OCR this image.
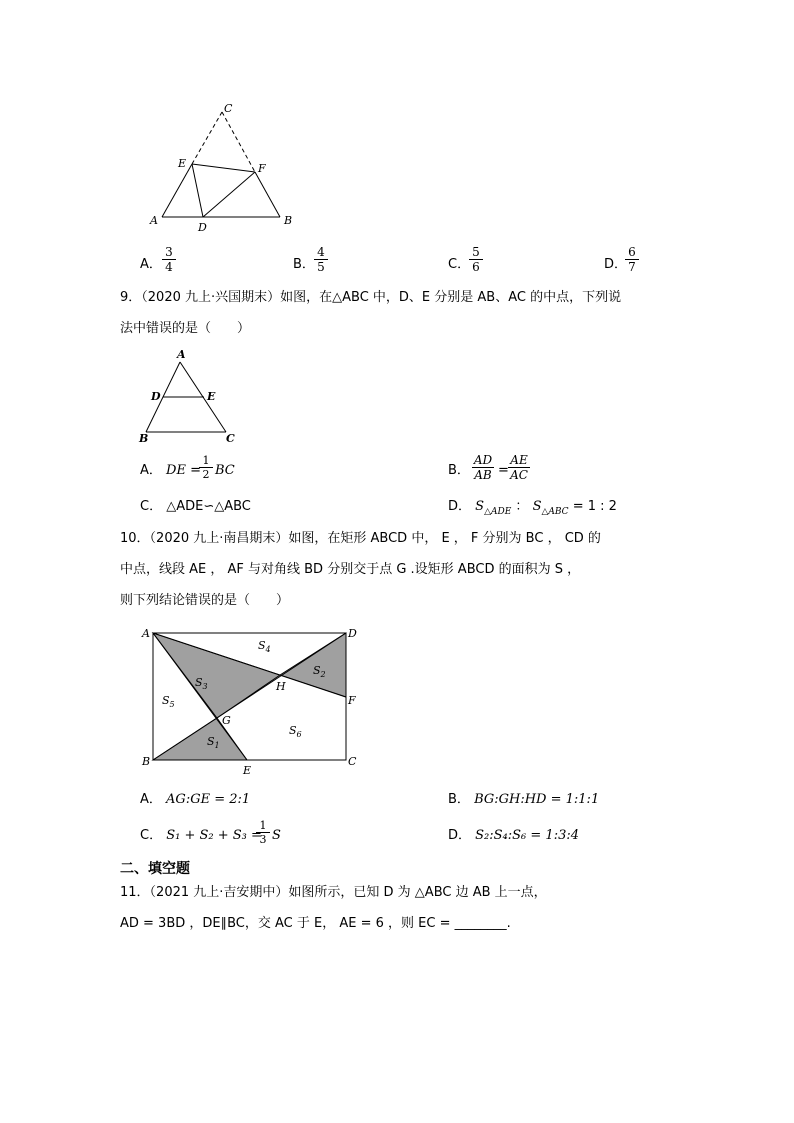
C
E	F
A
D
B
A． $\frac{3}{4}$	B． $\frac{4}{5}$	C．
$\frac{5}{6}$	D．
$\frac{6}{7}$
9．（2020 九上·兴国期末）如图，在△ABC 中，D、E 分别是 AB、AC 的中点，下列说
法中错误的是（　　）
A
D	E
B	C
A． DE =
$\frac{1}{2}$ BC	B． $\frac{AD}{AB} = \frac{AE}{AC}$
C． △ADE∽△ABC	D． $S_{\triangle ADE}$ ： $S_{\triangle ABC} = 1$ : 2
10．（2020 九上·南昌期末）如图，在矩形 ABCD 中， E ， F 分别为 BC ， CD 的
中点，线段 AE ， AF 与对角线 BD 分别交于点 G .设矩形 ABCD 的面积为 S ，
则下列结论错误的是（　　）
A	D
B	C
E
F
G
H
$S_1$
$S_2$
$S_3$
$S_4$
$S_5$
$S_6$
A． AG:GE = 2:1	B． BG:GH:HD = 1:1:1
C． S₁ + S₂ + S₃ =
$\frac{1}{3}$ S	D． S₂:S₄:S₆ = 1:3:4
二、填空题
11．（2021 九上·吉安期中）如图所示，已知 D 为 △ABC 边 AB 上一点，
AD = 3BD ，DE∥BC，交 AC 于 E， AE = 6 ，则 EC = ________.
